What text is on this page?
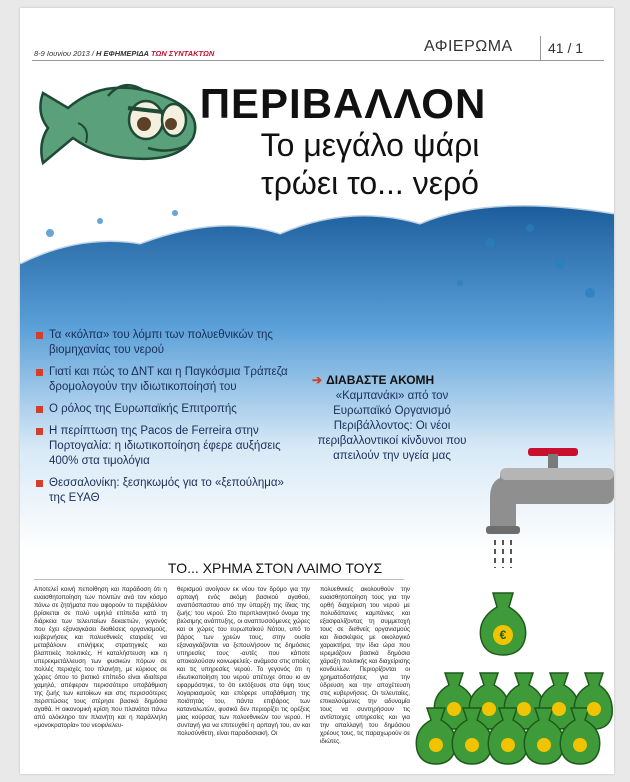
8-9 Ιουνίου 2013 / Η ΕΦΗΜΕΡΙΔΑ ΤΩΝ ΣΥΝΤΑΚΤΩΝ	ΑΦΙΕΡΩΜΑ	41 / 1
ΠΕΡΙΒΑΛΛΟΝ
Το μεγάλο ψάρι
τρώει το... νερό
Τα «κόλπα» του λόμπι των πολυεθνικών της βιομηχανίας του νερού
Γιατί και πώς το ΔΝΤ και η Παγκόσμια Τράπεζα δρομολογούν την ιδιωτικοποίησή του
Ο ρόλος της Ευρωπαϊκής Επιτροπής
Η περίπτωση της Pacos de Ferreira στην Πορτογαλία: η ιδιωτικοποίηση έφερε αυξήσεις 400% στα τιμολόγια
Θεσσαλονίκη: ξεσηκωμός για το «ξεπούλημα» της ΕΥΑΘ
➔ ΔΙΑΒΑΣΤΕ ΑΚΟΜΗ
«Καμπανάκι» από τον Ευρωπαϊκό Οργανισμό Περιβάλλοντος: Οι νέοι περιβαλλοντικοί κίνδυνοι που απειλούν την υγεία μας
€
ΤΟ... ΧΡΗΜΑ ΣΤΟΝ ΛΑΙΜΟ ΤΟΥΣ

Αποτελεί κοινή πεποίθηση και παράδοση ότι η ευαισθητοποίηση των πολιτών ανά τον κόσμο πάνω σε ζητήματα που αφορούν το περιβάλλον βρίσκεται σε πολύ υψηλά επίπεδα κατά τη διάρκεια των τελευταίων δεκαετιών, γεγονός που έχει εξαναγκάσει διαθέσεις οργανισμούς, κυβερνήσεις και πολυεθνικές εταιρείες να μεταβάλουν επιλήψεις στρατηγικές και βλαπτικές πολιτικές. Η καταλήστευση και η υπερεκμετάλλευση των φυσικών πόρων σε πολλές περιοχές του πλανήτη, με κύριους σε χώρες όπου το βιοτικό επίπεδο είναι ιδιαίτερα χαμηλό, απέφεραν περισσότερο υποβάθμιση της ζωής των κατοίκων και στις περισσότερες περιπτώσεις τους στέρησε βασικά δημόσια αγαθά. Η οικονομική κρίση που πλανάται πάνω από ολόκληρο τον πλανήτη και η παράλληλη «μονοκρατορία» του νεοφιλελευ-

θερισμού ανοίγουν εκ νέου τον δρόμο για την αρπαγή ενός ακόμη βασικού αγαθού, αναπόσπαστου από την ύπαρξη της ίδιας της ζωής: του νερού. Στο περιπλανητικό όνομα της βιώσιμης ανάπτυξης, οι αναπτυσσόμενες χώρες και οι χώρες του ευρωπαϊκού Νότου, υπό το βάρος των χρεών τους, στην ουσία εξαναγκάζονται να ξεπουλήσουν τις δημόσιες υπηρεσίες τους -αυτές που κάποτε αποκαλούσαν κοινωφελείς- ανάμεσα στις οποίες και τις υπηρεσίες νερού. Το γεγονός ότι η ιδιωτικοποίηση του νερού απέτυχε όπου κι αν εφαρμόστηκε, το ότι εκτόξευσε στα ύψη τους λογαριασμούς και επέφερε υποβάθμιση της ποιότητάς του, πάντα επιβάρος των καταναλωτών, φυσικά δεν περιορίζει τις ορέξεις μιας κούρσας των πολυεθνικών του νερού. Η συνταγή για να επιτευχθεί η αρπαγή του, αν και πολυσύνθετη, είναι παραδοσιακή. Οι

πολυεθνικές ακολουθούν την ευαισθητοποίηση τους για την ορθή διαχείριση του νερού με πολυδάπανες καμπάνιες και εξασφαλίζοντας τη συμμετοχή τους σε διεθνείς οργανισμούς και διασκέψεις με οικολογικό χαρακτήρα, την ίδια ώρα που ιερεμιάζουν βασικά δημόσια χάραξη πολιτικής και διαχείρισης κονδυλίων. Περιορίζονται οι χρηματοδοτήσεις για την ύδρευση και την αποχέτευση στις κυβερνήσεις. Οι τελευταίες, επικαλούμενες την αδυναμία τους να συντηρήσουν τις αντίστοιχες υπηρεσίες και για την απαλλαγή του δημόσιου χρέους τους, τις παραχωρούν σε ιδιώτες.
